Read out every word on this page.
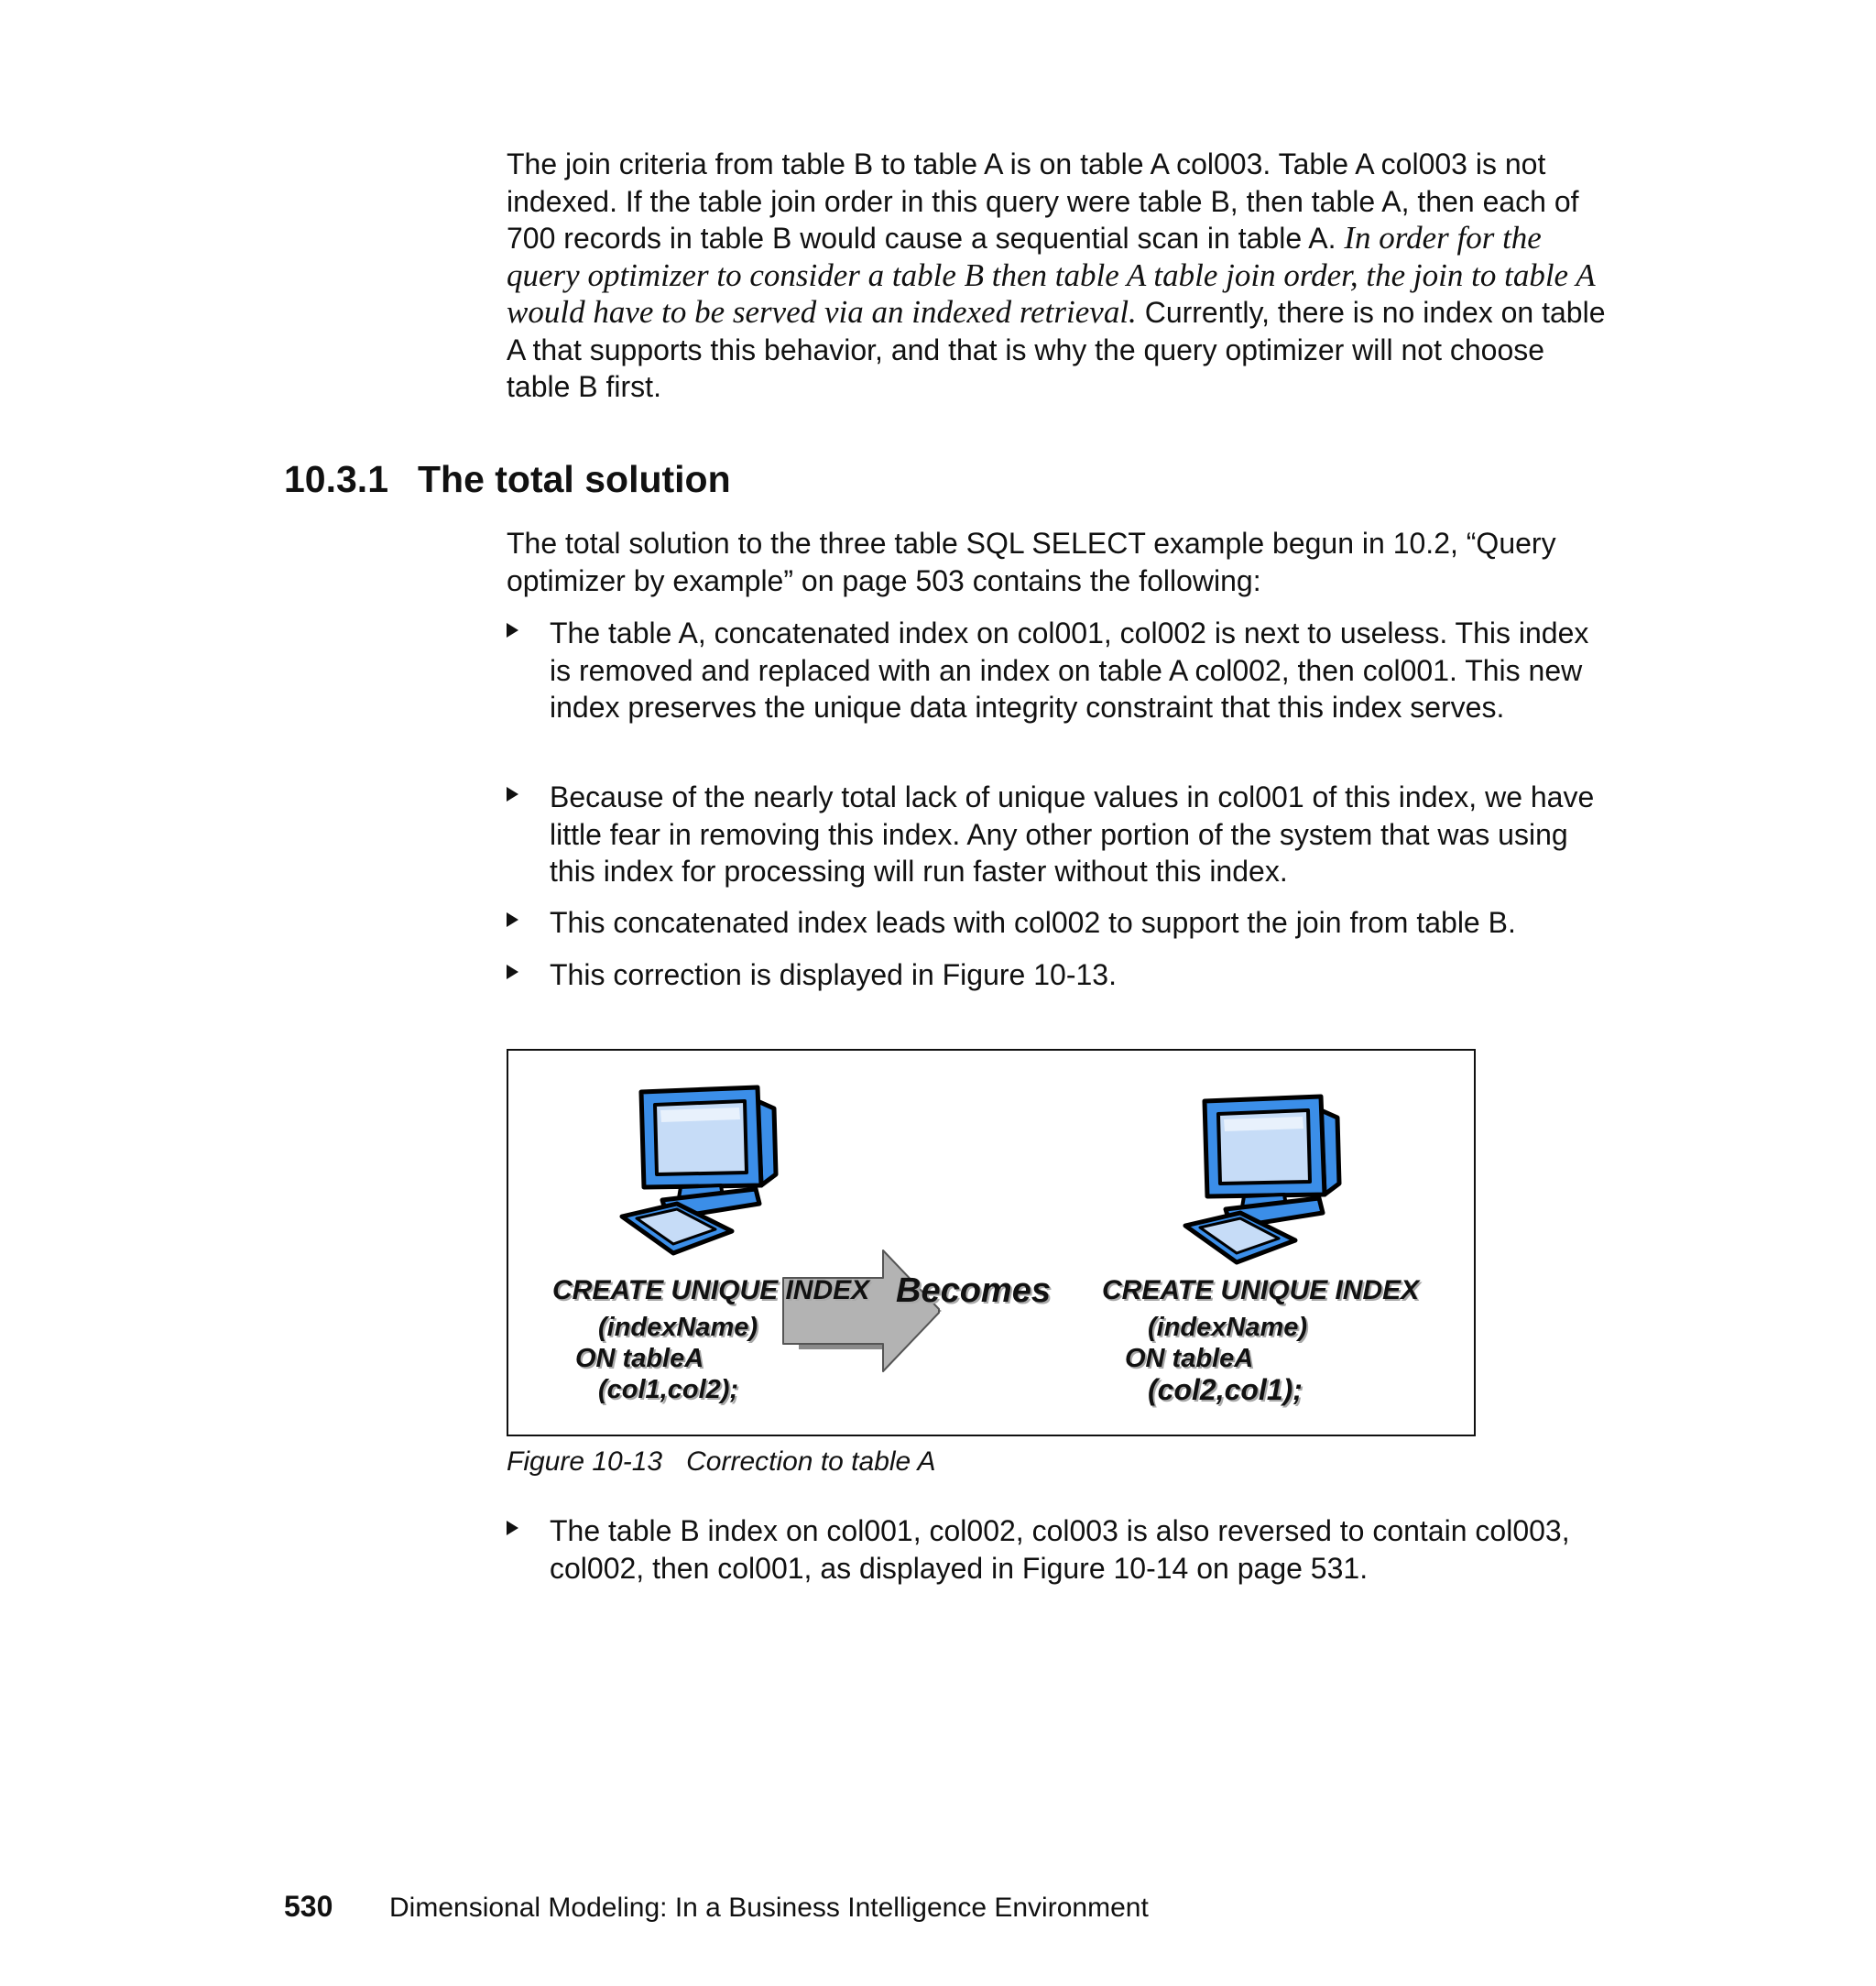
The join criteria from table B to table A is on table A col003. Table A col003 is not indexed. If the table join order in this query were table B, then table A, then each of 700 records in table B would cause a sequential scan in table A. In order for the query optimizer to consider a table B then table A table join order, the join to table A would have to be served via an indexed retrieval. Currently, there is no index on table A that supports this behavior, and that is why the query optimizer will not choose table B first.
10.3.1 The total solution

The total solution to the three table SQL SELECT example begun in 10.2, “Query optimizer by example” on page 503 contains the following:

The table A, concatenated index on col001, col002 is next to useless. This index is removed and replaced with an index on table A col002, then col001. This new index preserves the unique data integrity constraint that this index serves.
Because of the nearly total lack of unique values in col001 of this index, we have little fear in removing this index. Any other portion of the system that was using this index for processing will run faster without this index.
This concatenated index leads with col002 to support the join from table B.
This correction is displayed in Figure 10-13.
CREATE UNIQUE INDEX
(indexName)
ON tableA
(col1,col2);
Becomes CREATE UNIQUE INDEX
(indexName)
ON tableA
(col2,col1);
Figure 10-13 Correction to table A
The table B index on col001, col002, col003 is also reversed to contain col003, col002, then col001, as displayed in Figure 10-14 on page 531.
530 Dimensional Modeling: In a Business Intelligence Environment
